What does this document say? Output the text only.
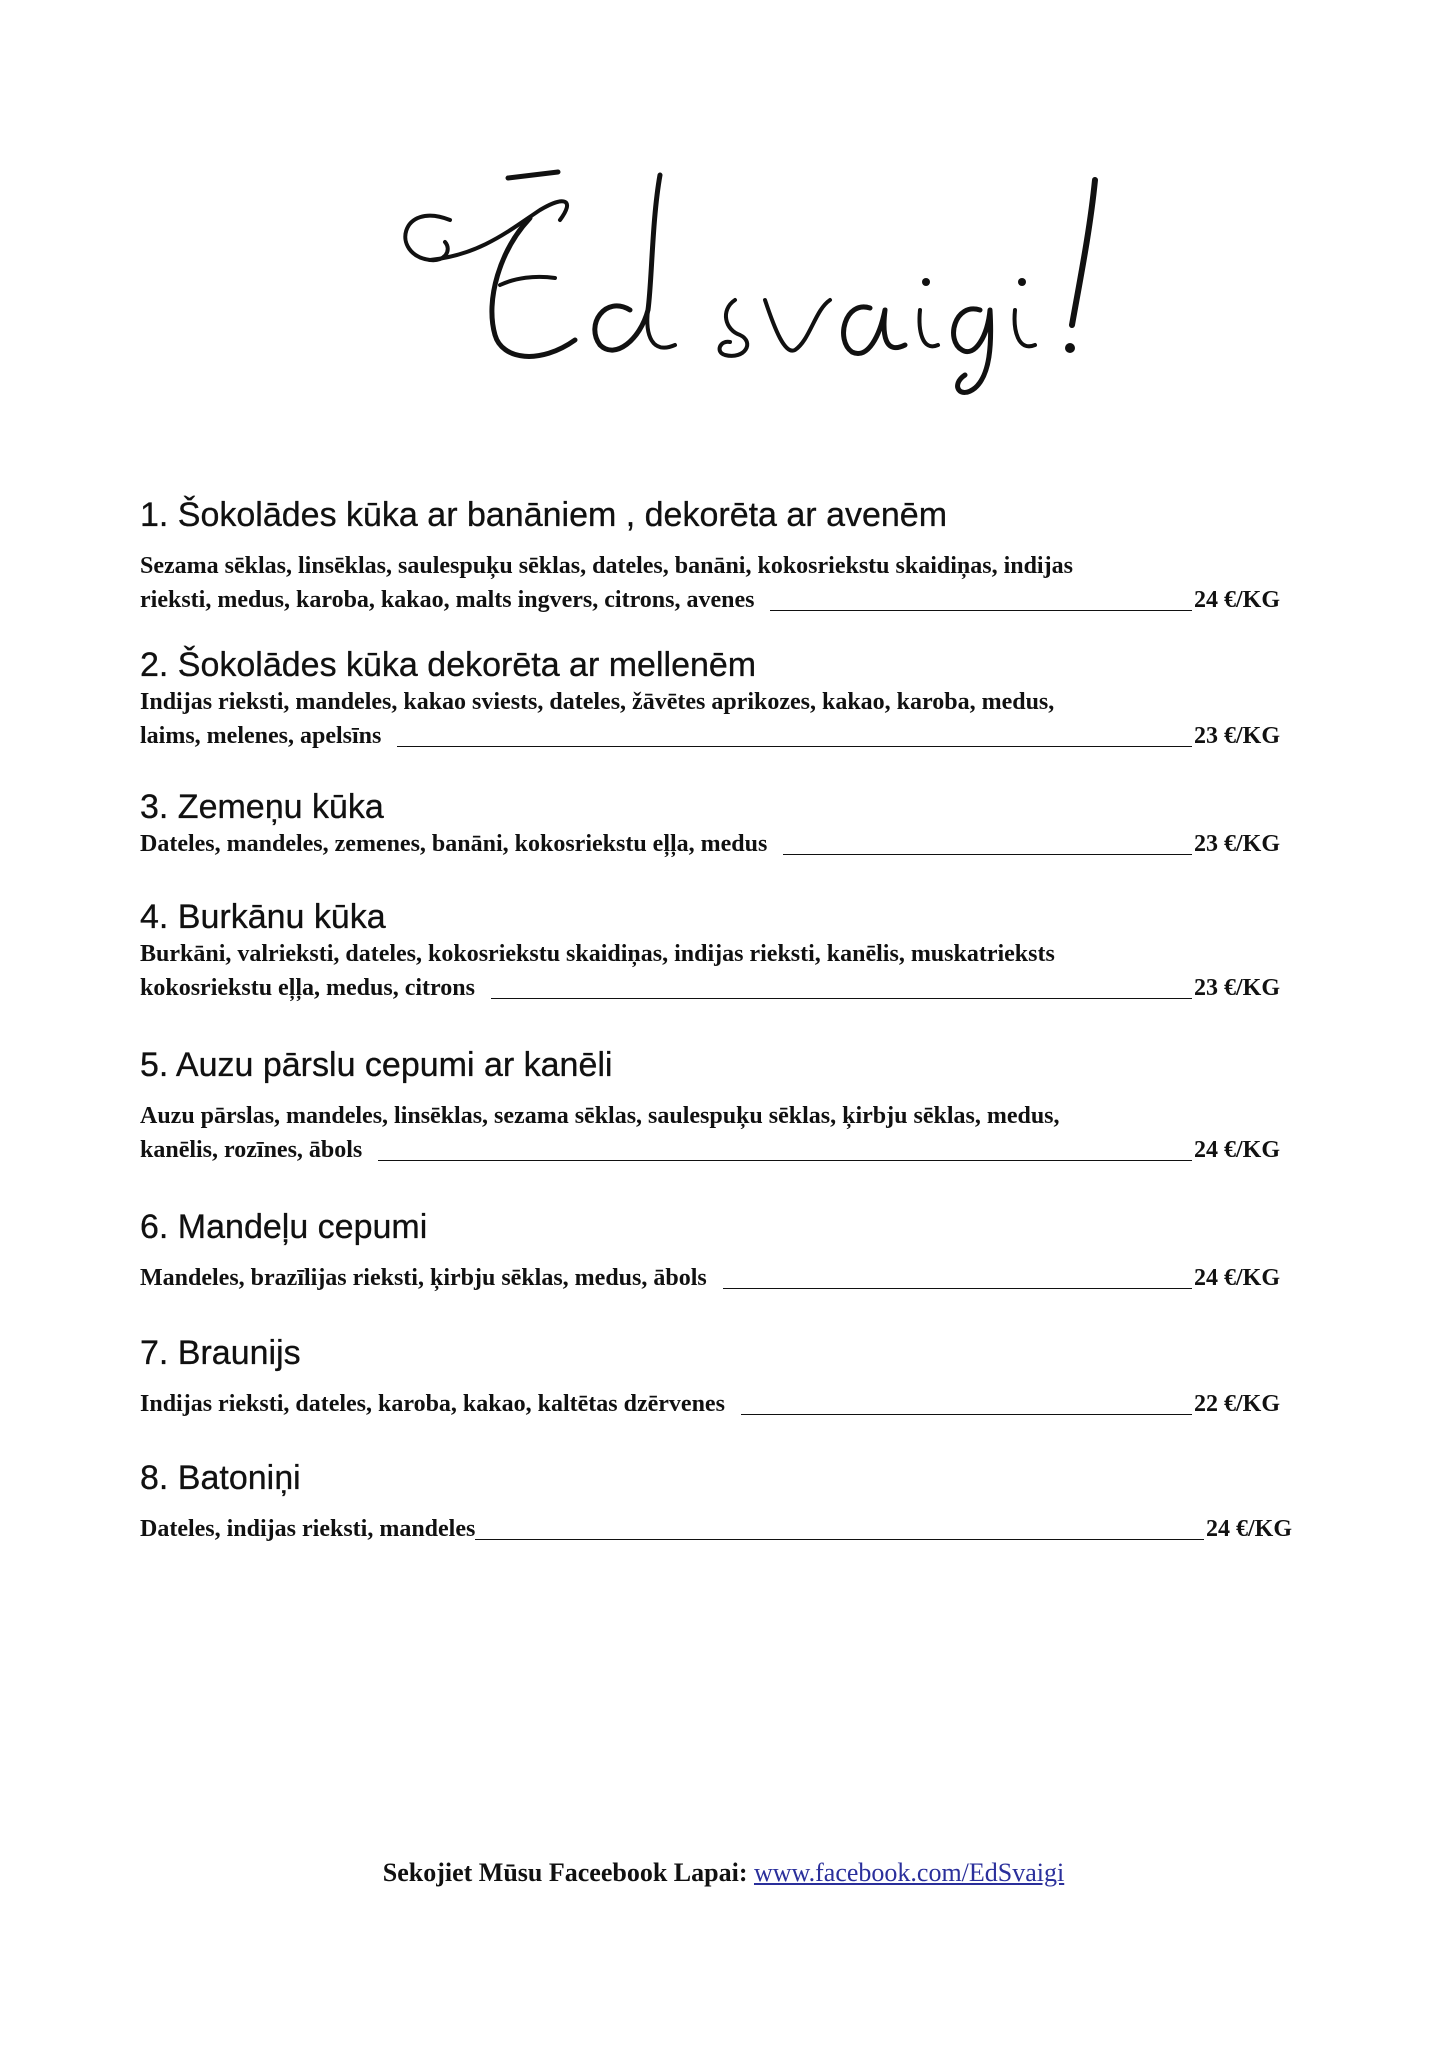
1. Šokolādes kūka ar banāniem , dekorēta ar avenēm

Sezama sēklas, linsēklas, saulespuķu sēklas, dateles, banāni, kokosriekstu skaidiņas, indijas

rieksti, medus, karoba, kakao, malts ingvers, citrons, avenes	24 €/KG
2. Šokolādes kūka dekorēta ar mellenēm

Indijas rieksti, mandeles, kakao sviests, dateles, žāvētes aprikozes, kakao, karoba, medus,

laims, melenes, apelsīns	23 €/KG
3. Zemeņu kūka
Dateles, mandeles, zemenes, banāni, kokosriekstu eļļa, medus	23 €/KG
4. Burkānu kūka

Burkāni, valrieksti, dateles, kokosriekstu skaidiņas, indijas rieksti, kanēlis, muskatrieksts

kokosriekstu eļļa, medus, citrons	23 €/KG
5. Auzu pārslu cepumi ar kanēli

Auzu pārslas, mandeles, linsēklas, sezama sēklas, saulespuķu sēklas, ķirbju sēklas, medus,

kanēlis, rozīnes, ābols	24 €/KG
6. Mandeļu cepumi
Mandeles, brazīlijas rieksti, ķirbju sēklas, medus, ābols	24 €/KG
7. Braunijs
Indijas rieksti, dateles, karoba, kakao, kaltētas dzērvenes	22 €/KG
8. Batoniņi
Dateles, indijas rieksti, mandeles	24 €/KG
Sekojiet Mūsu Faceebook Lapai: www.facebook.com/EdSvaigi
